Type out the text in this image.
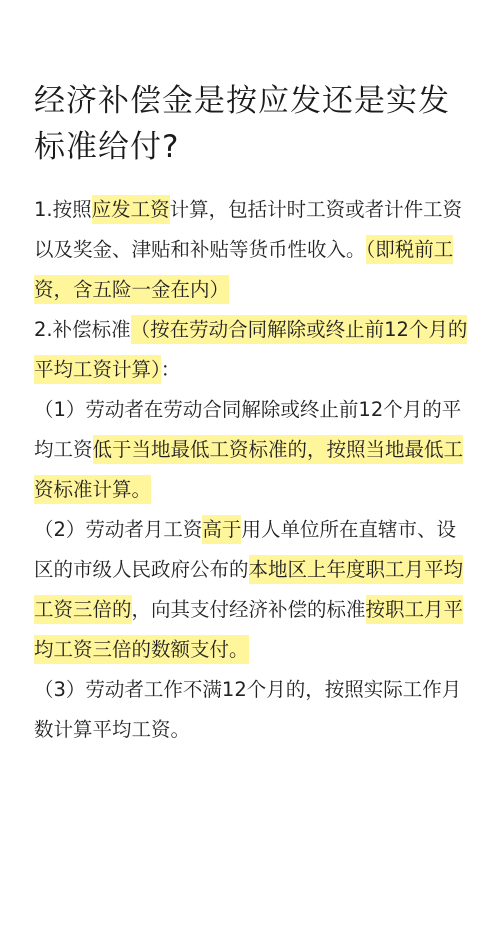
经济补偿金是按应发还是实发标准给付?

1.按照应发工资计算，包括计时工资或者计件工资以及奖金、津贴和补贴等货币性收入。（即税前工资，含五险一金在内）

2.补偿标准（按在劳动合同解除或终止前12个月的平均工资计算）：

（1）劳动者在劳动合同解除或终止前12个月的平均工资低于当地最低工资标准的，按照当地最低工资标准计算。

（2）劳动者月工资高于用人单位所在直辖市、设区的市级人民政府公布的本地区上年度职工月平均工资三倍的，向其支付经济补偿的标准按职工月平均工资三倍的数额支付。

（3）劳动者工作不满12个月的，按照实际工作月数计算平均工资。
